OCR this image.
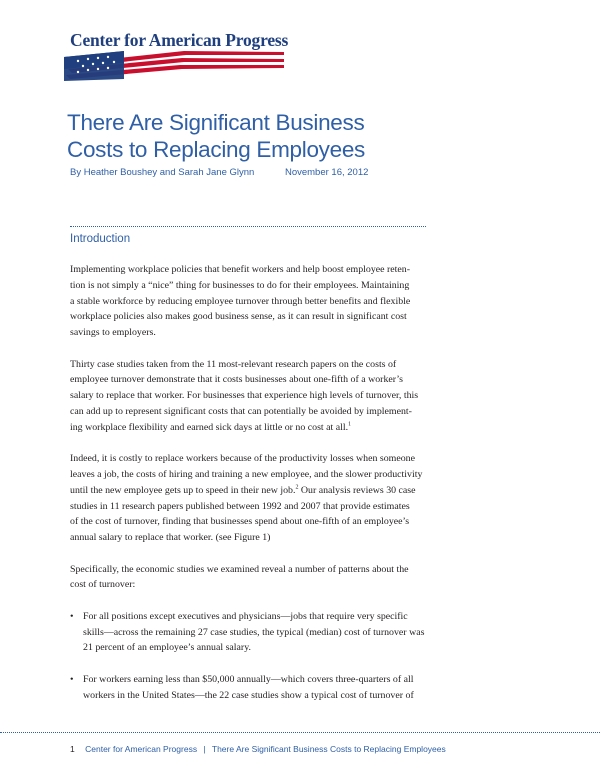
Center for American Progress
There Are Significant Business
Costs to Replacing Employees
By Heather Boushey and Sarah Jane Glynn	November 16, 2012
Introduction

Implementing workplace policies that benefit workers and help boost employee reten-
tion is not simply a “nice” thing for businesses to do for their employees. Maintaining
a stable workforce by reducing employee turnover through better benefits and flexible
workplace policies also makes good business sense, as it can result in significant cost
savings to employers.

Thirty case studies taken from the 11 most-relevant research papers on the costs of
employee turnover demonstrate that it costs businesses about one-fifth of a worker’s
salary to replace that worker. For businesses that experience high levels of turnover, this
can add up to represent significant costs that can potentially be avoided by implement-
ing workplace flexibility and earned sick days at little or no cost at all.$^1$

Indeed, it is costly to replace workers because of the productivity losses when someone
leaves a job, the costs of hiring and training a new employee, and the slower productivity
until the new employee gets up to speed in their new job.$^2$ Our analysis reviews 30 case
studies in 11 research papers published between 1992 and 2007 that provide estimates
of the cost of turnover, finding that businesses spend about one-fifth of an employee’s
annual salary to replace that worker. (see Figure 1)

Specifically, the economic studies we examined reveal a number of patterns about the
cost of turnover:

• For all positions except executives and physicians—jobs that require very specific
skills—across the remaining 27 case studies, the typical (median) cost of turnover was
21 percent of an employee’s annual salary.
• For workers earning less than $50,000 annually—which covers three-quarters of all
workers in the United States—the 22 case studies show a typical cost of turnover of
1 Center for American Progress | There Are Significant Business Costs to Replacing Employees
